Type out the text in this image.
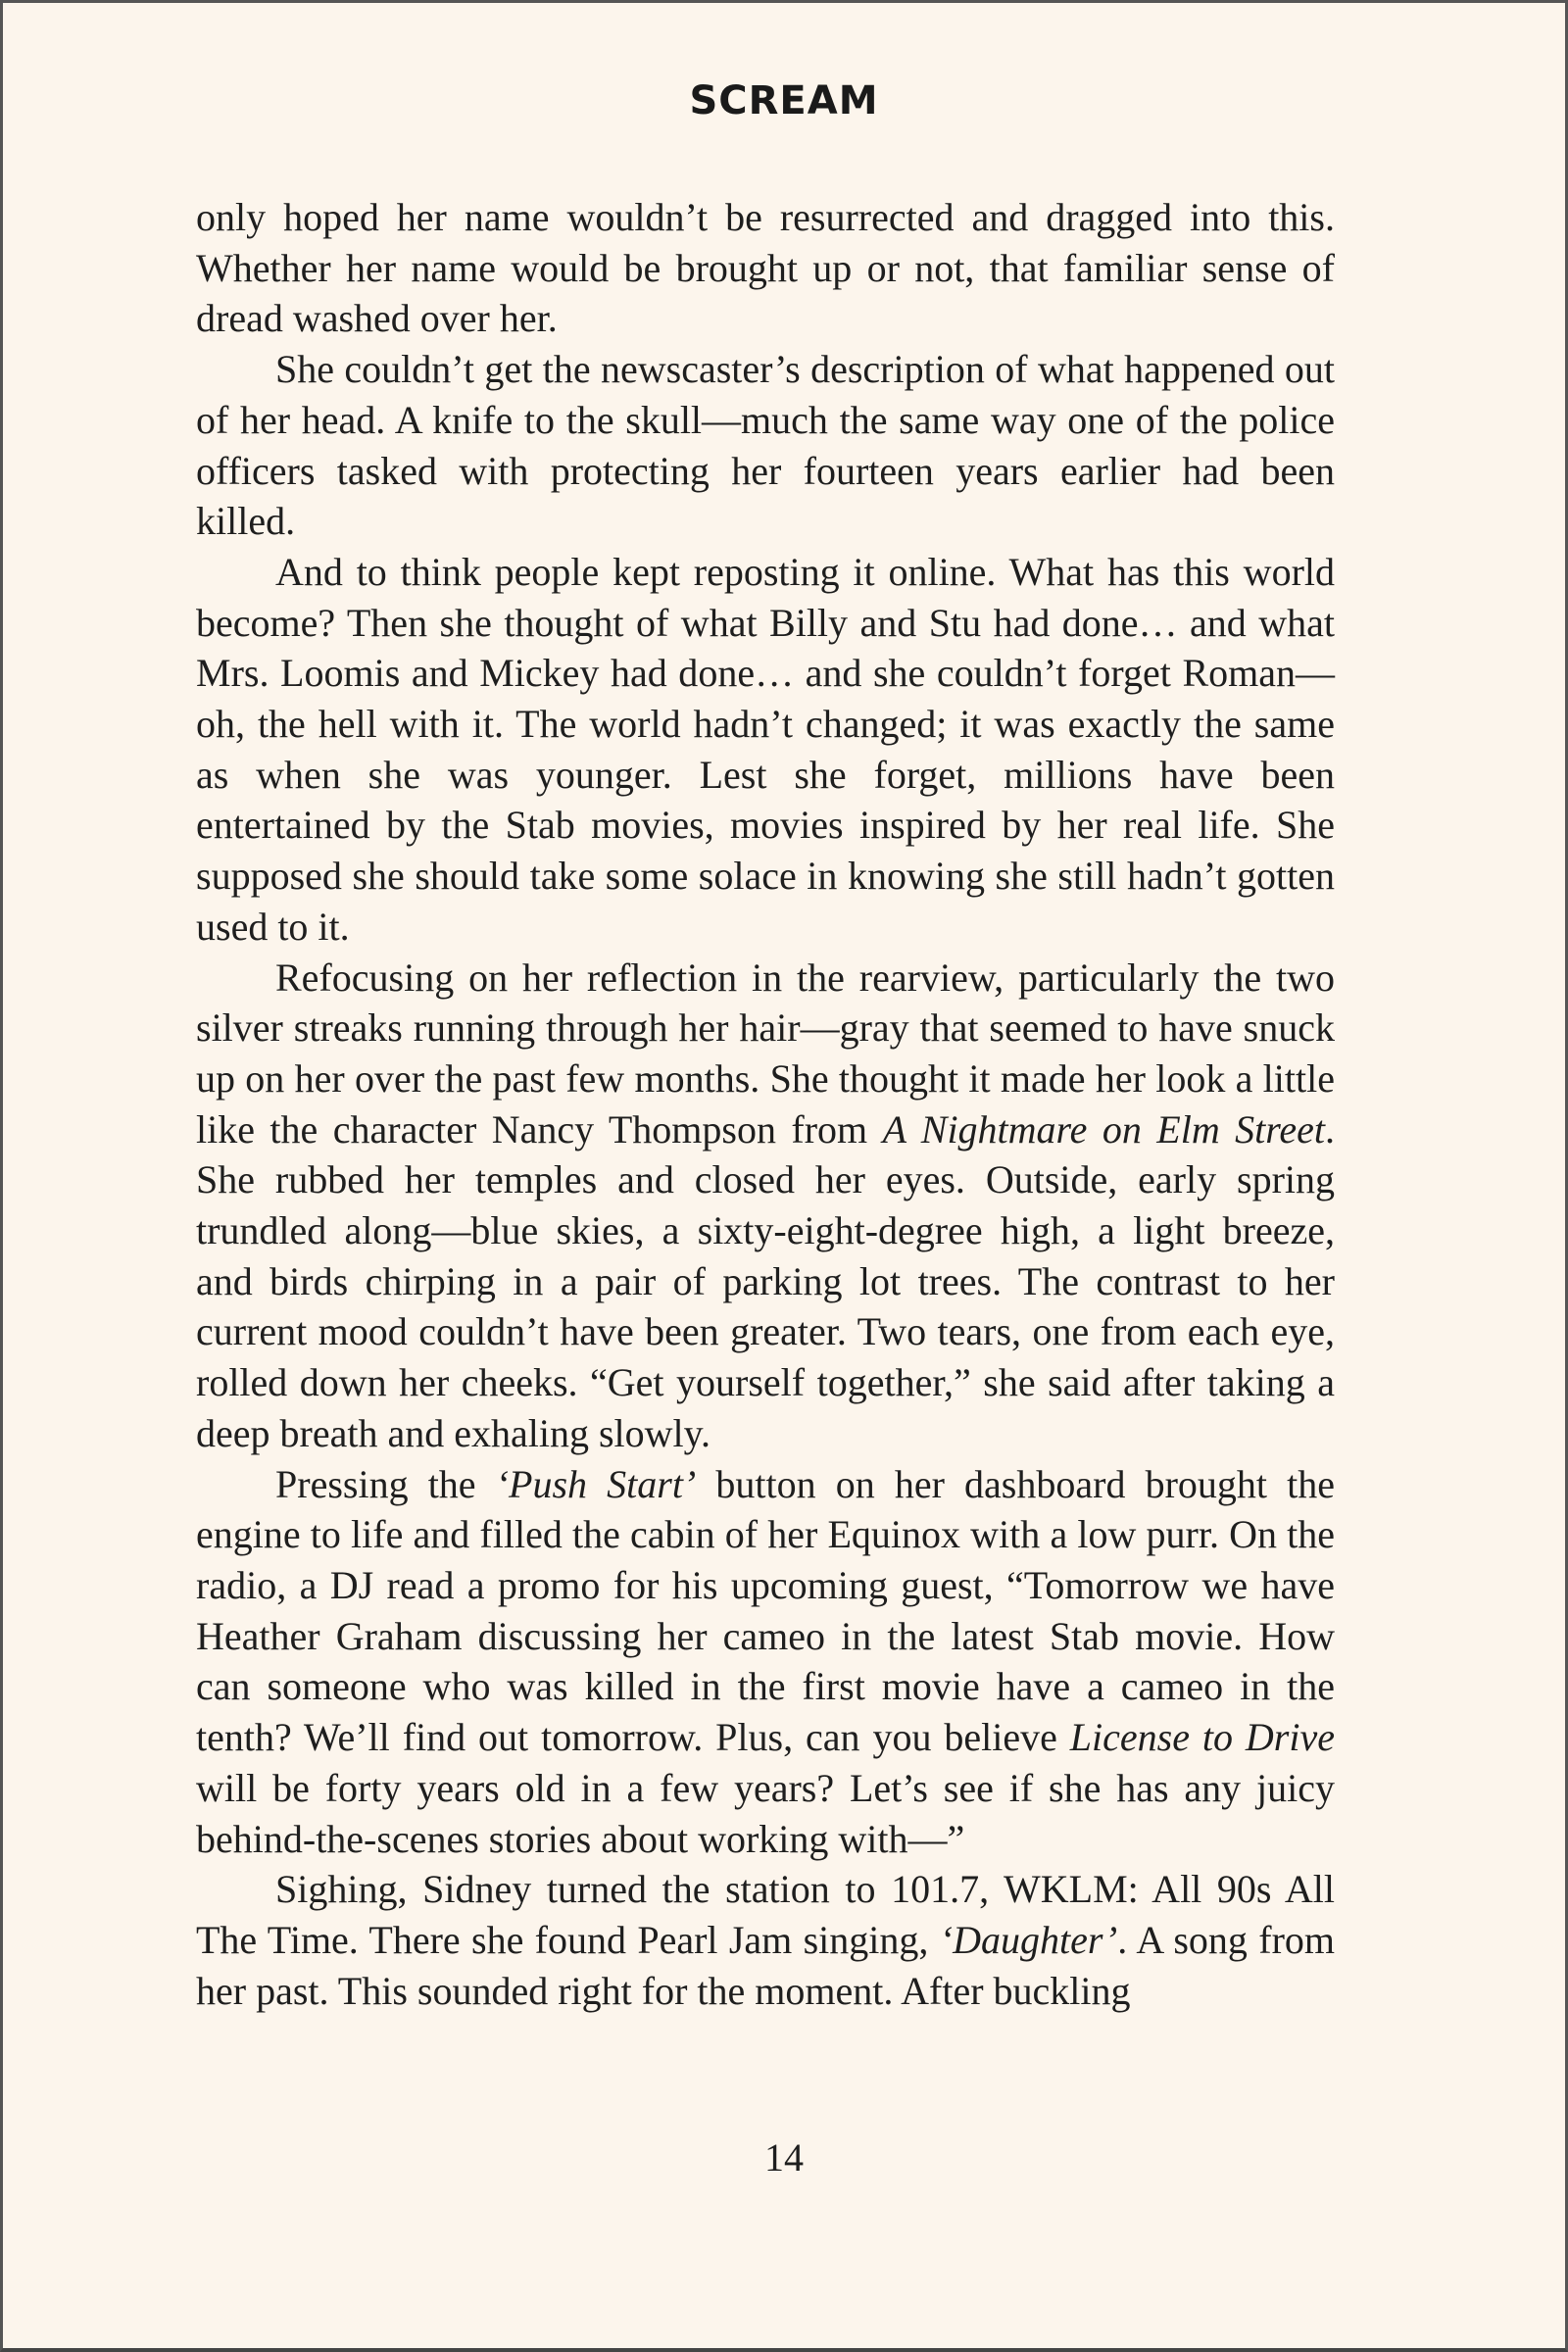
SCREAM

only hoped her name wouldn’t be resurrected and dragged into this. Whether her name would be brought up or not, that familiar sense of dread washed over her.

She couldn’t get the newscaster’s description of what happened out of her head. A knife to the skull—much the same way one of the police officers tasked with protecting her fourteen years earlier had been killed.

And to think people kept reposting it online. What has this world become? Then she thought of what Billy and Stu had done… and what Mrs. Loomis and Mickey had done… and she couldn’t forget Roman—oh, the hell with it. The world hadn’t changed; it was exactly the same as when she was younger. Lest she forget, millions have been entertained by the Stab movies, movies inspired by her real life. She supposed she should take some solace in knowing she still hadn’t gotten used to it.

Refocusing on her reflection in the rearview, particularly the two silver streaks running through her hair—gray that seemed to have snuck up on her over the past few months. She thought it made her look a little like the character Nancy Thompson from A Nightmare on Elm Street. She rubbed her temples and closed her eyes. Outside, early spring trundled along—blue skies, a sixty-eight-degree high, a light breeze, and birds chirping in a pair of parking lot trees. The contrast to her current mood couldn’t have been greater. Two tears, one from each eye, rolled down her cheeks. “Get yourself together,” she said after taking a deep breath and exhaling slowly.

Pressing the ‘Push Start’ button on her dashboard brought the engine to life and filled the cabin of her Equinox with a low purr. On the radio, a DJ read a promo for his upcoming guest, “Tomorrow we have Heather Graham discussing her cameo in the latest Stab movie. How can someone who was killed in the first movie have a cameo in the tenth? We’ll find out tomorrow. Plus, can you believe License to Drive will be forty years old in a few years? Let’s see if she has any juicy behind-the-scenes stories about working with—”

Sighing, Sidney turned the station to 101.7, WKLM: All 90s All The Time. There she found Pearl Jam singing, ‘Daughter’. A song from her past. This sounded right for the moment. After buckling

14
